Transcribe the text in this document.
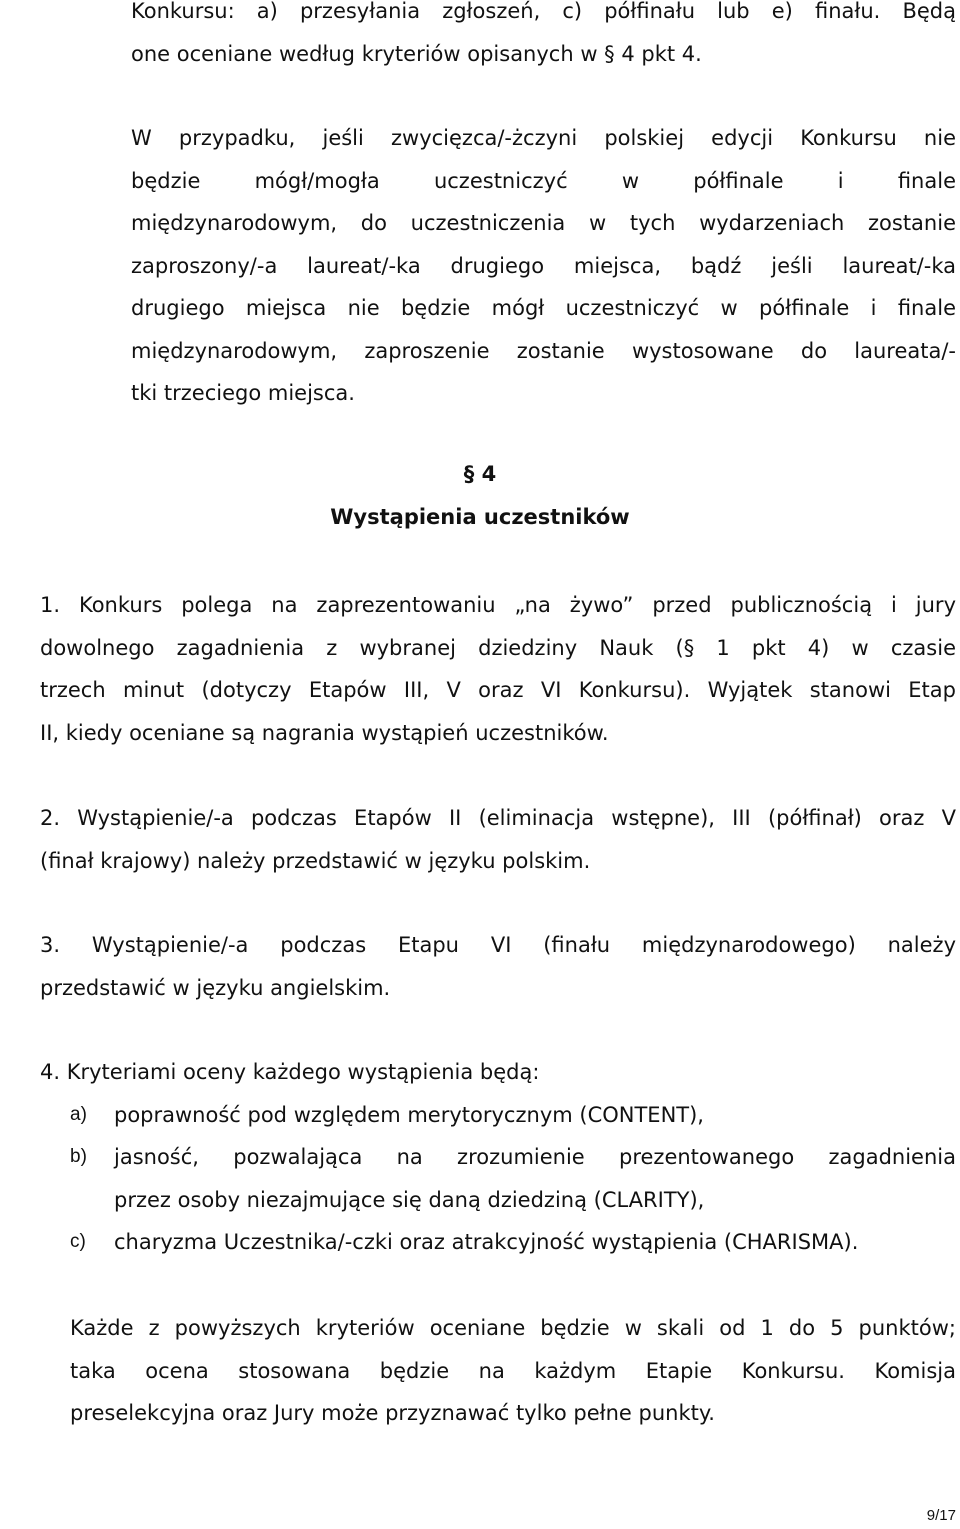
Konkursu: a) przesyłania zgłoszeń, c) półfinału lub e) finału. Będą
one oceniane według kryteriów opisanych w § 4 pkt 4.
W przypadku, jeśli zwycięzca/-żczyni polskiej edycji Konkursu nie
będzie mógł/mogła uczestniczyć w półfinale i finale
międzynarodowym, do uczestniczenia w tych wydarzeniach zostanie
zaproszony/-a laureat/-ka drugiego miejsca, bądź jeśli laureat/-ka
drugiego miejsca nie będzie mógł uczestniczyć w półfinale i finale
międzynarodowym, zaproszenie zostanie wystosowane do laureata/-
tki trzeciego miejsca.
§ 4
Wystąpienia uczestników
1. Konkurs polega na zaprezentowaniu „na żywo” przed publicznością i jury
dowolnego zagadnienia z wybranej dziedziny Nauk (§ 1 pkt 4) w czasie
trzech minut (dotyczy Etapów III, V oraz VI Konkursu). Wyjątek stanowi Etap
II, kiedy oceniane są nagrania wystąpień uczestników.
2. Wystąpienie/-a podczas Etapów II (eliminacja wstępne), III (półfinał) oraz V
(finał krajowy) należy przedstawić w języku polskim.
3. Wystąpienie/-a podczas Etapu VI (finału międzynarodowego) należy
przedstawić w języku angielskim.
4. Kryteriami oceny każdego wystąpienia będą:
a) poprawność pod względem merytorycznym (CONTENT),
b) jasność, pozwalająca na zrozumienie prezentowanego zagadnienia
przez osoby niezajmujące się daną dziedziną (CLARITY),
c) charyzma Uczestnika/-czki oraz atrakcyjność wystąpienia (CHARISMA).
Każde z powyższych kryteriów oceniane będzie w skali od 1 do 5 punktów;
taka ocena stosowana będzie na każdym Etapie Konkursu. Komisja
preselekcyjna oraz Jury może przyznawać tylko pełne punkty.
9/17
